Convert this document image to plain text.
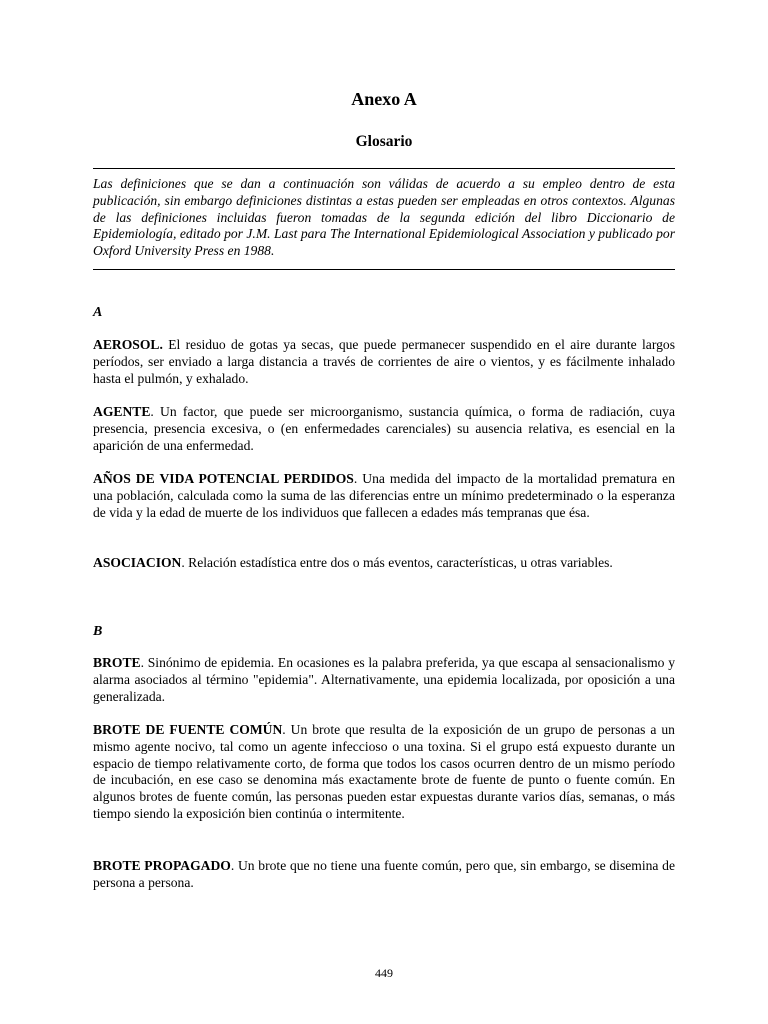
Anexo A
Glosario

Las definiciones que se dan a continuación son válidas de acuerdo a su empleo dentro de esta publicación, sin embargo definiciones distintas a estas pueden ser empleadas en otros contextos. Algunas de las definiciones incluidas fueron tomadas de la segunda edición del libro Diccionario de Epidemiología, editado por J.M. Last para The International Epidemiological Association y publicado por Oxford University Press en 1988.

A

AEROSOL. El residuo de gotas ya secas, que puede permanecer suspendido en el aire durante largos períodos, ser enviado a larga distancia a través de corrientes de aire o vientos, y es fácilmente inhalado hasta el pulmón, y exhalado.

AGENTE. Un factor, que puede ser microorganismo, sustancia química, o forma de radiación, cuya presencia, presencia excesiva, o (en enfermedades carenciales) su ausencia relativa, es esencial en la aparición de una enfermedad.

AÑOS DE VIDA POTENCIAL PERDIDOS. Una medida del impacto de la mortalidad prematura en una población, calculada como la suma de las diferencias entre un mínimo predeterminado o la esperanza de vida y la edad de muerte de los individuos que fallecen a edades más tempranas que ésa.

ASOCIACION. Relación estadística entre dos o más eventos, características, u otras variables.

B

BROTE. Sinónimo de epidemia. En ocasiones es la palabra preferida, ya que escapa al sensacionalismo y alarma asociados al término "epidemia". Alternativamente, una epidemia localizada, por oposición a una generalizada.

BROTE DE FUENTE COMÚN. Un brote que resulta de la exposición de un grupo de personas a un mismo agente nocivo, tal como un agente infeccioso o una toxina. Si el grupo está expuesto durante un espacio de tiempo relativamente corto, de forma que todos los casos ocurren dentro de un mismo período de incubación, en ese caso se denomina más exactamente brote de fuente de punto o fuente común. En algunos brotes de fuente común, las personas pueden estar expuestas durante varios días, semanas, o más tiempo siendo la exposición bien continúa o intermitente.

BROTE PROPAGADO. Un brote que no tiene una fuente común, pero que, sin embargo, se disemina de persona a persona.

449
